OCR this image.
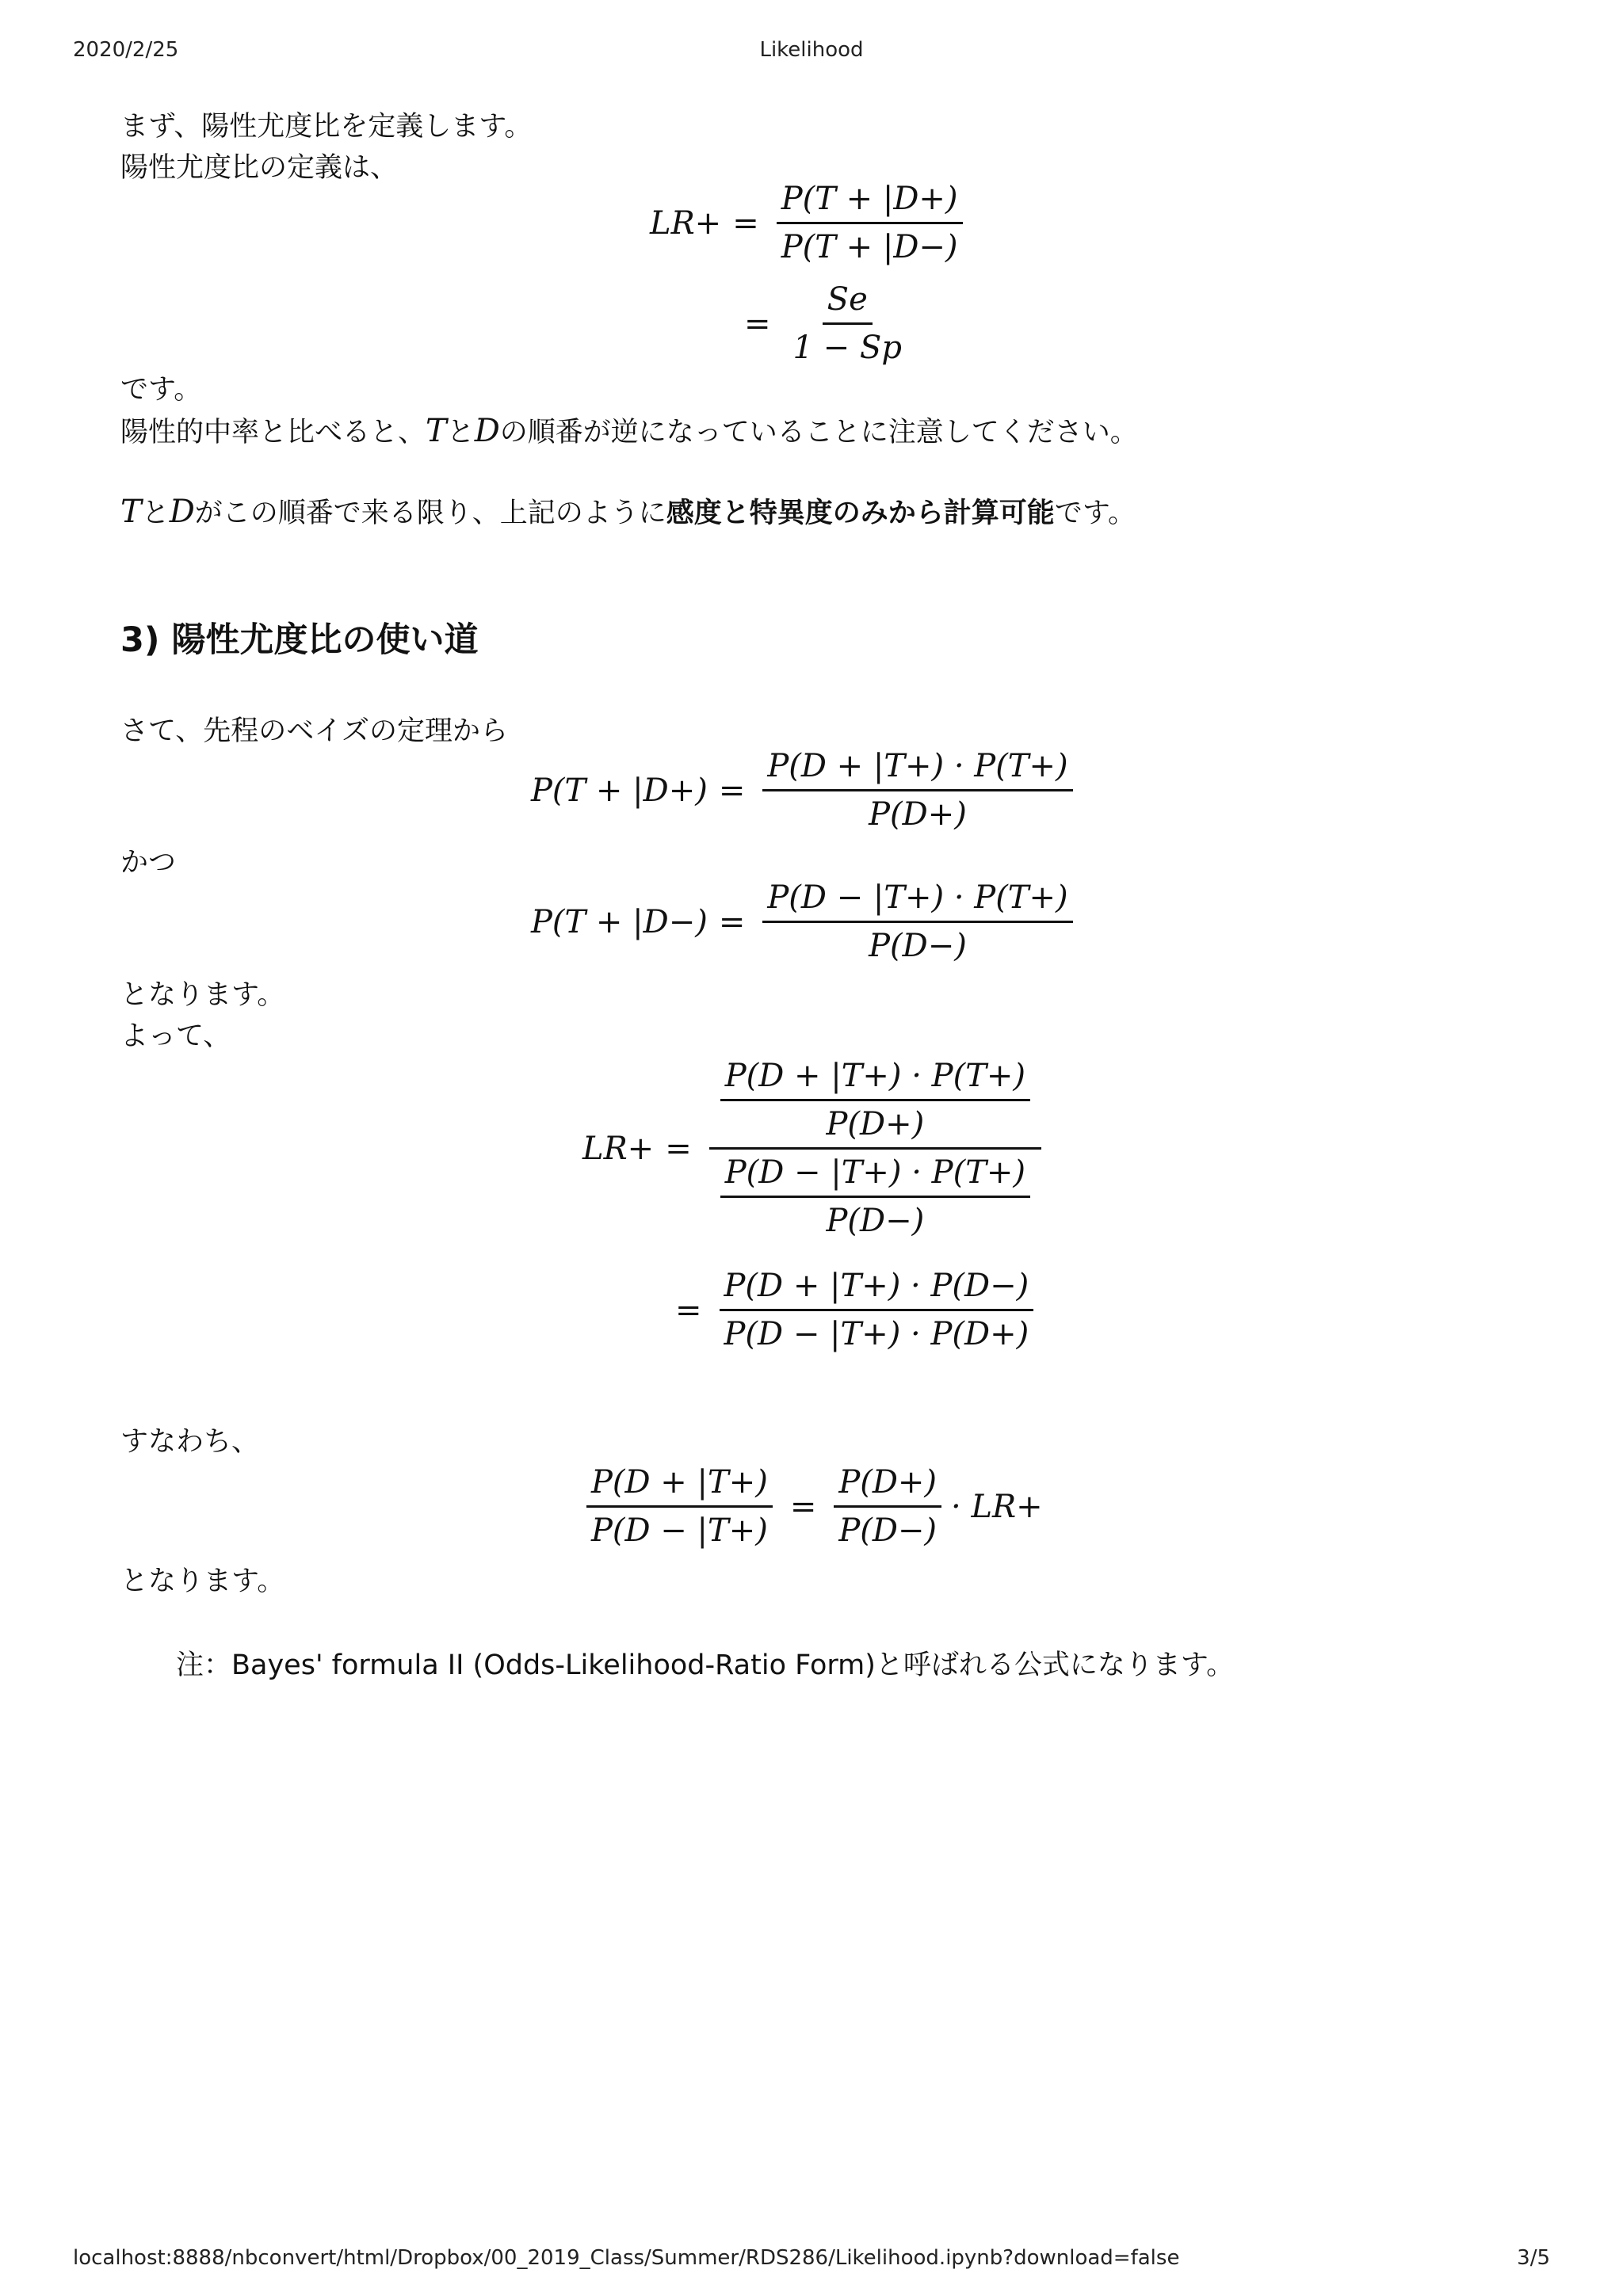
2020/2/25	Likelihood
localhost:8888/nbconvert/html/Dropbox/00_2019_Class/Summer/RDS286/Likelihood.ipynb?download=false	3/5
まず、陽性尤度比を定義します。
陽性尤度比の定義は、
$LR+ = \frac{P(T + |D+)}{P(T + |D-)}$
= $\frac{Se}{1 - Sp}$
です。
陽性的中率と比べると、TとDの順番が逆になっていることに注意してください。
TとDがこの順番で来る限り、上記のように感度と特異度のみから計算可能です。
3) 陽性尤度比の使い道
さて、先程のベイズの定理から
$P(T + |D+) = \frac{P(D + |T+) \cdot P(T+)}{P(D+)}$
かつ
$P(T + |D-) = \frac{P(D - |T+) \cdot P(T+)}{P(D-)}$
となります。
よって、
$LR+ = \frac{\frac{P(D + |T+) \cdot P(T+)}{P(D+)}}{\frac{P(D - |T+) \cdot P(T+)}{P(D-)}}$
= $\frac{P(D + |T+) \cdot P(D-)}{P(D - |T+) \cdot P(D+)}$
すなわち、
$\frac{P(D + |T+)}{P(D - |T+)} = \frac{P(D+)}{P(D-)} \cdot LR+$
となります。
注：Bayes' formula II (Odds-Likelihood-Ratio Form)と呼ばれる公式になります。
